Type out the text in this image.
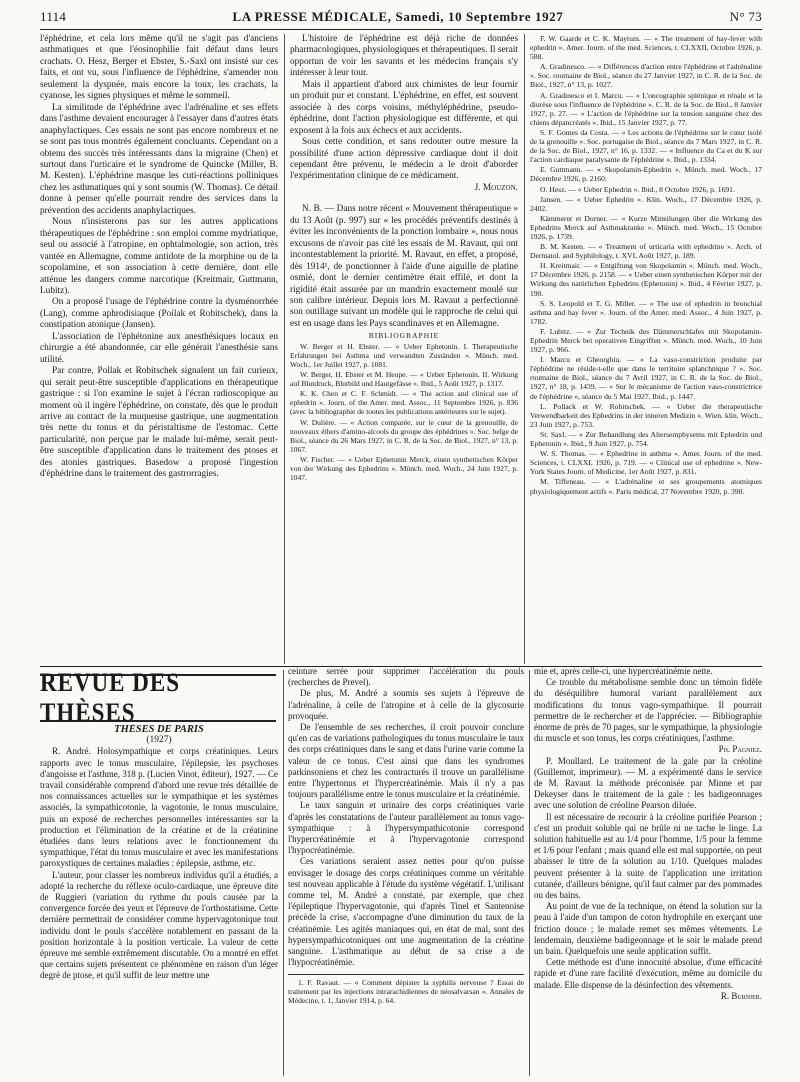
1114	LA PRESSE MÉDICALE, Samedi, 10 Septembre 1927	N° 73

l'éphédrine, et cela lors même qu'il ne s'agit pas d'anciens asthmatiques et que l'éosinophilie fait défaut dans leurs crachats. O. Hesz, Berger et Ebster, S.-Saxl ont insisté sur ces faits, et ont vu, sous l'influence de l'éphédrine, s'amender non seulement la dyspnée, mais encore la toux, les crachats, la cyanose, les signes physiques et même le sommeil.

La similitude de l'éphédrine avec l'adrénaline et ses effets dans l'asthme devaient encourager à l'essayer dans d'autres états anaphylactiques. Ces essais ne sont pas encore nombreux et ne se sont pas tous montrés également concluants. Cependant on a obtenu des succès très intéressants dans la migraine (Chen) et surtout dans l'urticaire et le syndrome de Quincke (Miller, B. M. Kesten). L'éphédrine masque les cuti-réactions polliniques chez les asthmatiques qui y sont soumis (W. Thomas). Ce détail donne à penser qu'elle pourrait rendre des services dans la prévention des accidents anaphylactiques.

Nous n'insisterons pas sur les autres applications thérapeutiques de l'éphédrine : son emploi comme mydriatique, seul ou associé à l'atropine, en ophtalmologie, son action, très vantée en Allemagne, comme antidote de la morphine ou de la scopolamine, et son association à cette dernière, dont elle atténue les dangers comme narcotique (Kreitmair, Guttmann, Lubitz).

On a proposé l'usage de l'éphédrine contre la dysménorrhée (Lang), comme aphrodisiaque (Poilak et Robitschek), dans la constipation atonique (Jansen).

L'association de l'éphétonine aux anesthésiques locaux en chirurgie a été abandonnée, car elle générait l'anesthésie sans utilité.

Par contre, Pollak et Robitschek signalent un fait curieux, qui serait peut-être susceptible d'applications en thérapeutique gastrique : si l'on examine le sujet à l'écran radioscopique au moment où il ingère l'éphédrine, on constate, dès que le produit arrive au contact de la muqueuse gastrique, une augmentation très nette du tonus et du péristaltisme de l'estomac. Cette particularité, non perçue par le malade lui-même, serait peut-être susceptible d'application dans le traitement des ptoses et des atonies gastriques. Basedow a proposé l'ingestion d'éphédrine dans le traitement des gastrorragies.

L'histoire de l'éphédrine est déjà riche de données pharmacologiques, physiologiques et thérapeutiques. Il serait opportun de voir les savants et les médecins français s'y intéresser à leur tour.

Mais il appartient d'abord aux chimistes de leur fournir un produit pur et constant. L'éphédrine, en effet, est souvent associée à des corps voisins, méthyléphédrine, pseudo-éphédrine, dont l'action physiologique est différente, et qui exposent à la fois aux échecs et aux accidents.

Sous cette condition, et sans redouter outre mesure la possibilité d'une action dépressive cardiaque dont il doit cependant être prévenu, le médecin a le droit d'aborder l'expérimentation clinique de ce médicament.

J. Mouzon.

N. B. — Dans notre récent « Mouvement thérapeutique » du 13 Août (p. 997) sur « les procédés préventifs destinés à éviter les inconvénients de la ponction lombaire », nous nous excusons de n'avoir pas cité les essais de M. Ravaut, qui ont incontestablement la priorité. M. Ravaut, en effet, a proposé, dès 1914¹, de ponctionner à l'aide d'une aiguille de platine osmié, dont le dernier centimètre était effilé, et dont la rigidité était assurée par un mandrin exactement moulé sur son calibre intérieur. Depuis lors M. Ravaut a perfectionné son outillage suivant un modèle qui le rapproche de celui qui est en usage dans les Pays scandinaves et en Allemagne.

BIBLIOGRAPHIE

W. Berger et H. Ebster. — « Ueber Ephetonin. I. Therapeutische Erfahrungen bei Asthma und verwandten Zuständen ». Münch. med. Woch., 1er Juillet 1927, p. 1081.

W. Berger, H. Ebster et M. Heupe. — « Ueber Ephetonin. II. Wirkung auf Blutdruck, Blutbild und Hautgefässe ». Ibid., 5 Août 1927, p. 1317.

K. K. Chen et C. F. Schmidt. — « The action and clinical use of ephedrin ». Journ. of the Amer. med. Assoc., 11 Septembre 1926, p. 836 (avec la bibliographie de toutes les publications antérieures sur le sujet).

W. Dulière. — « Action comparée, sur le cœur de la grenouille, de nouveaux éthers d'amino-alcools du groupe des éphédrines ». Soc. belge de Biol., séance du 26 Mars 1927, in C. R. de la Soc. de Biol., 1927, n° 13, p. 1067.

W. Fischer. — « Ueber Ephetonin Merck, einen synthetischen Körper von der Wirkung des Ephedrins ». Münch. med. Woch., 24 Juin 1927, p. 1047.

F. W. Gaarde et C. K. Maytum. — « The treatment of hay-fever with ephedrin ». Amer. Journ. of the med. Sciences, t. CLXXII, Octobre 1926, p. 588.

A. Gradinesco. — « Différences d'action entre l'éphédrine et l'adrénaline ». Soc. roumaine de Biol., séance du 27 Janvier 1927, in C. R. de la Soc. de Biol., 1927, n° 13, p. 1027.

A. Gradinesco et I. Marcu. — « L'oncographie splénique et rénale et la diurèse sous l'influence de l'éphédrine ». C. R. de la Soc. de Biol., 8 Janvier 1927, p. 27. — « L'action de l'éphédrine sur la tension sanguine chez des chiens dépancréatés ». Ibid., 15 Janvier 1927, p. 77.

S. F. Gomes da Costa. — « Les actions de l'éphédrine sur le cœur isolé de la grenouille ». Soc. portugaise de Biol., séance du 7 Mars 1927, in C. R. de la Soc. de Biol., 1927, n° 16, p. 1332. — « Influence du Ca et du K sur l'action cardiaque paralysante de l'éphédrine ». Ibid., p. 1334.

E. Guttmann. — « Skopolamin-Ephedrin ». Münch. med. Woch., 17 Décembre 1926, p. 2160.

O. Hesz. — « Ueber Ephedrin ». Ibid., 8 Octobre 1926, p. 1691.

Jansen. — « Ueber Ephedrin ». Klin. Woch., 17 Décembre 1926, p. 2402.

Kämmerer et Dorner. — « Kurze Mitteilungen über die Wirkung des Ephedrins Merck auf Asthmakranke ». Münch. med. Woch., 15 Octobre 1926, p. 1739.

B. M. Kesten. — « Treatment of urticaria with ephedrine ». Arch. of Dermatol. and Syphilology, t. XVI, Août 1927, p. 189.

H. Kreitmair. — « Entgiftung von Skopolamin ». Münch. med. Woch., 17 Décembre 1926, p. 2158. — « Ueber einen synthetischen Körper mit der Wirkung des natürlichen Ephedrins (Ephetonin) ». Ibid., 4 Février 1927, p. 190.

S. S. Leopold et T. G. Miller. — « The use of ephedrin in bronchial asthma and hay fever ». Journ. of the Amer. med. Assoc., 4 Juin 1927, p. 1782.

F. Lubitz. — « Zur Technik des Dämmerschlafes mit Skopolamin-Ephedrin Merck bei operativen Eingriffen ». Münch. med. Woch., 10 Juin 1927, p. 966.

I. Marcu et Gheorghiu. — « La vaso-constriction produite par l'éphédrine ne réside-t-elle que dans le territoire splanchnique ? ». Soc. roumaine de Biol., séance du 7 Avril 1927, in C. R. de la Soc. de Biol., 1927, n° 18, p. 1439. — « Sur le mécanisme de l'action vaso-constrictrice de l'éphédrine », séance du 5 Mai 1927. Ibid., p. 1447.

L. Pollack et W. Robitschek. — « Ueber die therapeutische Verwendbarkeit des Ephedrins in der inneren Medizin ». Wien. klin. Woch., 23 Juin 1927, p. 753.

St. Saxl. — « Zur Behandlung des Altersemphysems mit Ephedrin und Ephetonin ». Ibid., 9 Juin 1927, p. 754.

W. S. Thomas. — « Ephedrine in asthma ». Amer. Journ. of the med. Sciences, t. CLXXI, 1926, p. 719. — « Clinical use of ephedrine ». New-York States Journ. of Medicine, 1er Août 1927, p. 831.

M. Tiffeneau. — « L'adrénaline et ses groupements atomiques physiologiquement actifs ». Paris médical, 27 Novembre 1920, p. 390.

REVUE DES THÈSES

THÈSES DE PARIS

(1927)

R. André. Holosympathique et corps créatiniques. Leurs rapports avec le tonus musculaire, l'épilepsie, les psychoses d'angoisse et l'asthme, 318 p. (Lucien Vinot, éditeur), 1927. — Ce travail considérable comprend d'abord une revue très détaillée de nos connaissances actuelles sur le sympathique et les systèmes associés, la sympathicotonie, la vagotonie, le tonus musculaire, puis un exposé de recherches personnelles intéressantes sur la production et l'élimination de la créatine et de la créatinine étudiées dans leurs relations avec le fonctionnement du sympathique, l'état du tonus musculaire et avec les manifestations paroxystiques de certaines maladies : épilepsie, asthme, etc.

L'auteur, pour classer les nombreux individus qu'il a étudiés, a adopté la recherche du réflexe oculo-cardiaque, une épreuve dite de Ruggieri (variation du rythme du pouls causée par la convergence forcée des yeux et l'épreuve de l'orthostatisme. Cette dernière permettrait de considérer comme hypervagotonique tout individu dont le pouls s'accélère notablement en passant de la position horizontale à la position verticale. La valeur de cette épreuve me semble extrêmement discutable. On a montré en effet que certains sujets présentent ce phénomène en raison d'un léger degré de ptose, et qu'il suffit de leur mettre une

ceinture serrée pour supprimer l'accélération du pouls (recherches de Prevel).

De plus, M. André a soumis ses sujets à l'épreuve de l'adrénaline, à celle de l'atropine et à celle de la glycosurie provoquée.

De l'ensemble de ses recherches, il croit pouvoir conclure qu'en cas de variations pathologiques du tonus musculaire le taux des corps créatiniques dans le sang et dans l'urine varie comme la valeur de ce tonus. C'est ainsi que dans les syndromes parkinsoniens et chez les contracturés il trouve un parallélisme entre l'hypertonus et l'hypercréatinémie. Mais il n'y a pas toujours parallélisme entre le tonus musculaire et la créatinémie.

Le taux sanguin et urinaire des corps créatiniques varie d'après les constatations de l'auteur parallèlement au tonus vago-sympathique : à l'hypersympathicotonie correspond l'hypercréatinémie et à l'hypervagotonie correspond l'hypocréatinémie.

Ces variations seraient assez nettes pour qu'on puisse envisager le dosage des corps créatiniques comme un véritable test nouveau applicable à l'étude du système végétatif. L'utilisant comme tel, M. André a constaté, par exemple, que chez l'épileptique l'hypervagotonie, qui d'après Tinel et Santenoise précède la crise, s'accompagne d'une diminution du taux de la créatinémie. Les agités maniaques qui, en état de mal, sont des hypersympathicotoniques ont une augmentation de la créatine sanguine. L'asthmatique au début de sa crise a de l'hypocréatinémie.

1. F. Ravaut. — « Comment dépister la syphilis nerveuse ? Essai de traitement par les injections intrarachidiennes de néosalvarsan ». Annales de Médecine, t. 1, Janvier 1914, p. 64.

mie et, après celle-ci, une hypercréatinémie nette.

Ce trouble du métabolisme semble donc un témoin fidèle du déséquilibre humoral variant parallèlement aux modifications du tonus vago-sympathique. Il pourrait permettre de le rechercher et de l'apprécier. — Bibliographie énorme de près de 70 pages, sur le sympathique, la physiologie du muscle et son tonus, les corps créatiniques, l'asthme.

Ph. Pagniez.

P. Moullard. Le traitement de la gale par la créoline (Guillemot, imprimeur). — M. a expérimenté dans le service de M. Ravaut la méthode préconisée par Minne et par Dekeyser dans le traitement de la gale : les badigeonnages avec une solution de créoline Pearson diluée.

Il est nécessaire de recourir à la créoline purifiée Pearson ; c'est un produit soluble qui ne brûle ni ne tache le linge. La solution habituelle est au 1/4 pour l'homme, 1/5 pour la femme et 1/6 pour l'enfant ; mais quand elle est mal supportée, on peut abaisser le titre de la solution au 1/10. Quelques malades peuvent présenter à la suite de l'application une irritation cutanée, d'ailleurs bénigne, qu'il faut calmer par des pommades ou des bains.

Au point de vue de la technique, on étend la solution sur la peau à l'aide d'un tampon de coton hydrophile en exerçant une friction douce ; le malade remet ses mêmes vêtements. Le lendemain, deuxième badigeonnage et le soir le malade prend un bain. Quelquefois une seule application suffit.

Cette méthode est d'une innocuité absolue, d'une efficacité rapide et d'une rare facilité d'exécution, même au domicile du malade. Elle dispense de la désinfection des vêtements.

R. Burnier.
